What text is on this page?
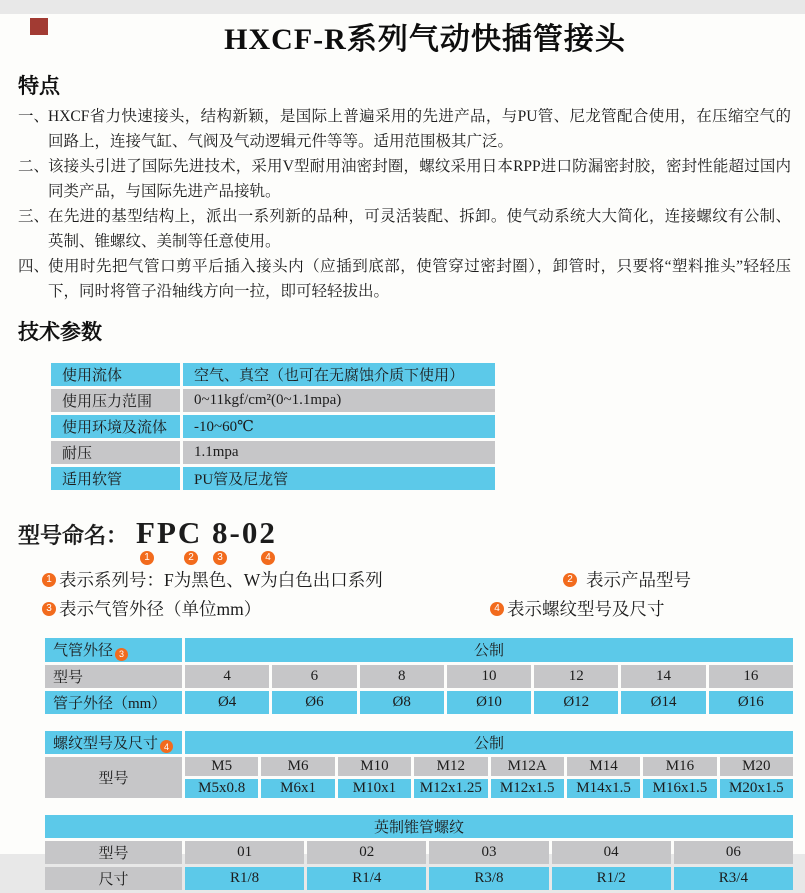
HXCF-R系列气动快插管接头
特点
一、
HXCF省力快速接头，结构新颖，是国际上普遍采用的先进产品，与PU管、尼龙管配合使用，在压缩空气的回路上，连接气缸、气阀及气动逻辑元件等等。适用范围极其广泛。
二、
该接头引进了国际先进技术，采用V型耐用油密封圈，螺纹采用日本RPP进口防漏密封胶，密封性能超过国内同类产品，与国际先进产品接轨。
三、
在先进的基型结构上，派出一系列新的品种，可灵活装配、拆卸。使气动系统大大简化，连接螺纹有公制、英制、锥螺纹、美制等任意使用。
四、
使用时先把气管口剪平后插入接头内（应插到底部，使管穿过密封圈），卸管时，只要将“塑料推头”轻轻压下，同时将管子沿轴线方向一拉，即可轻轻拔出。
技术参数
使用流体	空气、真空（也可在无腐蚀介质下使用）
使用压力范围	0~11kgf/cm²(0~1.1mpa)
使用环境及流体	-10~60℃
耐压	1.1mpa
适用软管	PU管及尼龙管
型号命名： FPC 8-02
1	2	3	4
1 表示系列号：F为黑色、W为白色出口系列	2 表示产品型号
3 表示气管外径（单位mm）	4 表示螺纹型号及尺寸
气管外径 3	公制						
型号	4	6	8	10	12	14	16
管子外径（mm）	Ø4	Ø6	Ø8	Ø10	Ø12	Ø14	Ø16
螺纹型号及尺寸 4	公制							
型号	M5	M6	M10	M12	M12A	M14	M16	M20
	M5x0.8	M6x1	M10x1	M12x1.25	M12x1.5	M14x1.5	M16x1.5	M20x1.5
英制锥管螺纹					
型号	01	02	03	04	06
尺寸	R1/8	R1/4	R3/8	R1/2	R3/4
